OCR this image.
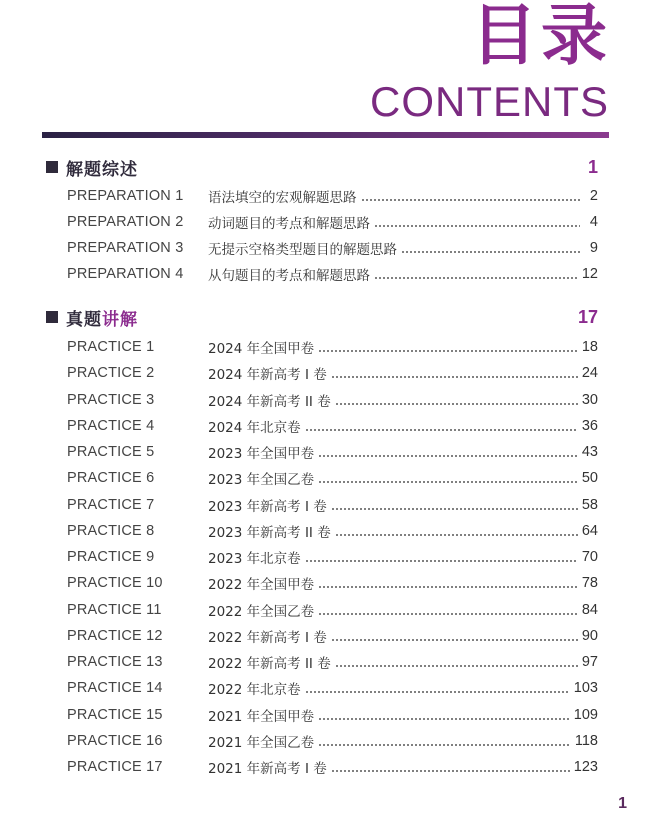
目录
CONTENTS
解题综述	1
PREPARATION 1	语法填空的宏观解题思路	2
PREPARATION 2	动词题目的考点和解题思路	4
PREPARATION 3	无提示空格类型题目的解题思路	9
PREPARATION 4	从句题目的考点和解题思路	12
真题讲解	17
PRACTICE 1	2024 年全国甲卷	18
PRACTICE 2	2024 年新高考 I 卷	24
PRACTICE 3	2024 年新高考 II 卷	30
PRACTICE 4	2024 年北京卷	36
PRACTICE 5	2023 年全国甲卷	43
PRACTICE 6	2023 年全国乙卷	50
PRACTICE 7	2023 年新高考 I 卷	58
PRACTICE 8	2023 年新高考 II 卷	64
PRACTICE 9	2023 年北京卷	70
PRACTICE 10	2022 年全国甲卷	78
PRACTICE 11	2022 年全国乙卷	84
PRACTICE 12	2022 年新高考 I 卷	90
PRACTICE 13	2022 年新高考 II 卷	97
PRACTICE 14	2022 年北京卷	103
PRACTICE 15	2021 年全国甲卷	109
PRACTICE 16	2021 年全国乙卷	118
PRACTICE 17	2021 年新高考 I 卷	123
1
